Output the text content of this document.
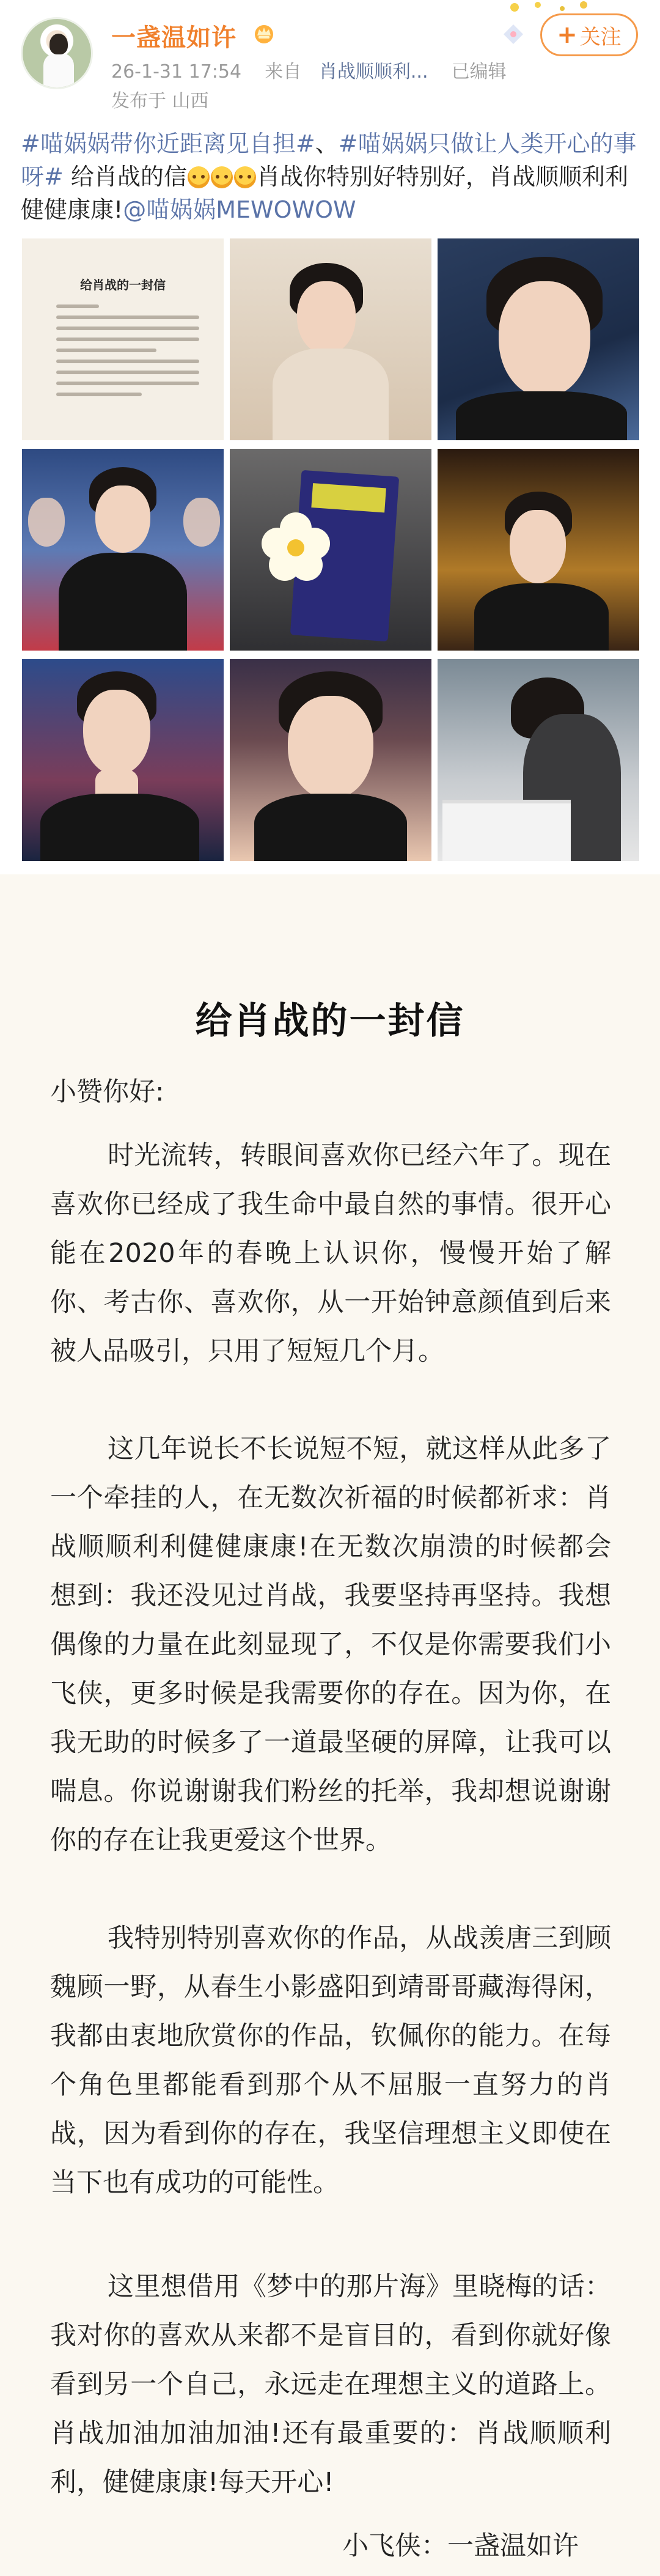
一盏温如许
26-1-31 17:54 来自 肖战顺顺利... 已编辑
发布于 山西
+ 关注
#喵娲娲带你近距离见自担#、#喵娲娲只做让人类开心的事呀# 给肖战的信	肖战你特别好特别好，肖战顺顺利利健健康康!@喵娲娲MEWOWOW
给肖战的一封信
给肖战的一封信
小赞你好:
时光流转，转眼间喜欢你已经六年了。现在喜欢你已经成了我生命中最自然的事情。很开心能在2020年的春晚上认识你，慢慢开始了解你、考古你、喜欢你，从一开始钟意颜值到后来被人品吸引，只用了短短几个月。
这几年说长不长说短不短，就这样从此多了一个牵挂的人，在无数次祈福的时候都祈求：肖战顺顺利利健健康康!在无数次崩溃的时候都会想到：我还没见过肖战，我要坚持再坚持。我想偶像的力量在此刻显现了，不仅是你需要我们小飞侠，更多时候是我需要你的存在。因为你，在我无助的时候多了一道最坚硬的屏障，让我可以喘息。你说谢谢我们粉丝的托举，我却想说谢谢你的存在让我更爱这个世界。
我特别特别喜欢你的作品，从战羡唐三到顾魏顾一野，从春生小影盛阳到靖哥哥藏海得闲，我都由衷地欣赏你的作品，钦佩你的能力。在每个角色里都能看到那个从不屈服一直努力的肖战，因为看到你的存在，我坚信理想主义即使在当下也有成功的可能性。
这里想借用《梦中的那片海》里晓梅的话：我对你的喜欢从来都不是盲目的，看到你就好像看到另一个自己，永远走在理想主义的道路上。肖战加油加油加油!还有最重要的：肖战顺顺利利，健健康康!每天开心!
小飞侠：一盏温如许
